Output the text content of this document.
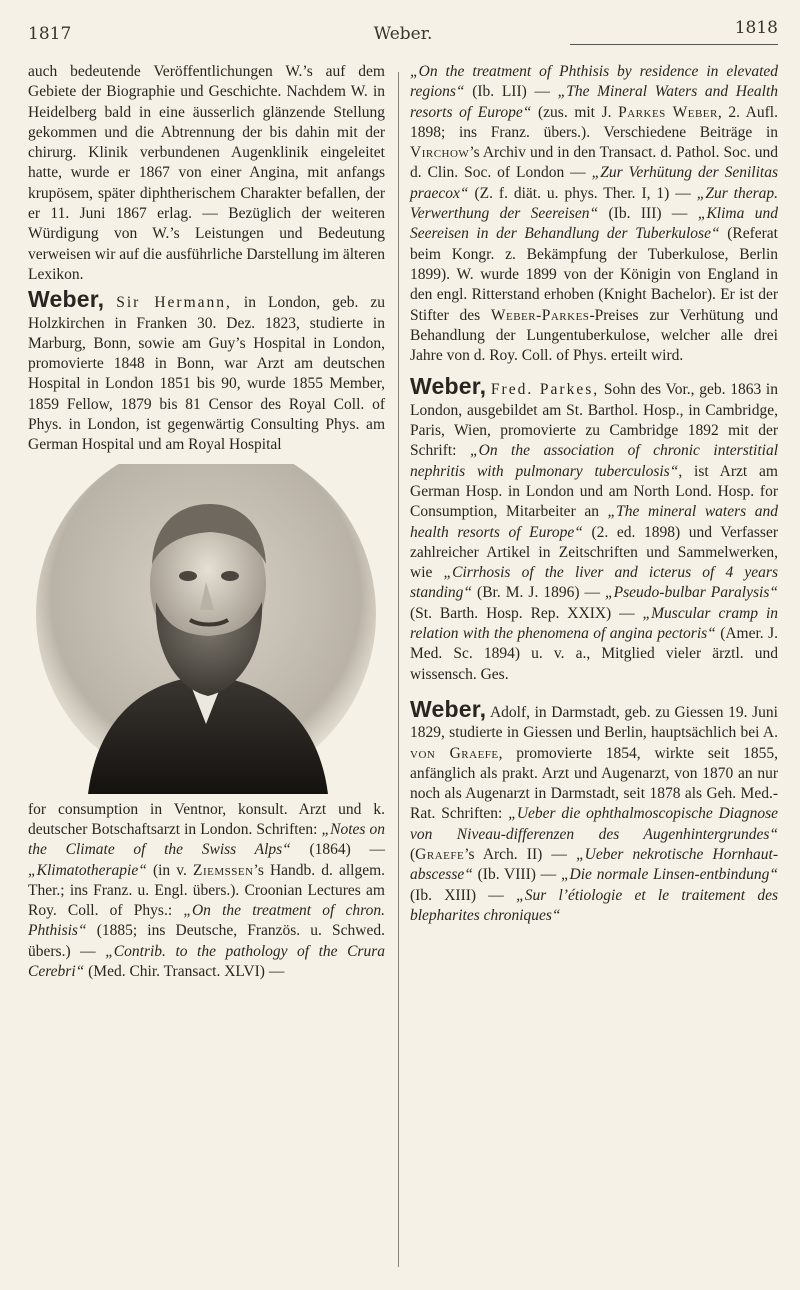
1817	Weber.	1818

auch bedeutende Veröffentlichungen W.’s auf dem Gebiete der Biographie und Geschichte. Nachdem W. in Heidelberg bald in eine äusserlich glänzende Stellung gekommen und die Abtrennung der bis dahin mit der chirurg. Klinik verbundenen Augenklinik eingeleitet hatte, wurde er 1867 von einer Angina, mit anfangs krupösem, später diphtherischem Charakter befallen, der er 11. Juni 1867 erlag. — Bezüglich der weiteren Würdigung von W.’s Leistungen und Bedeutung verweisen wir auf die ausführliche Darstellung im älteren Lexikon.

Weber, Sir Hermann, in London, geb. zu Holzkirchen in Franken 30. Dez. 1823, studierte in Marburg, Bonn, sowie am Guy’s Hospital in London, promovierte 1848 in Bonn, war Arzt am deutschen Hospital in London 1851 bis 90, wurde 1855 Member, 1859 Fellow, 1879 bis 81 Censor des Royal Coll. of Phys. in London, ist gegenwärtig Consulting Phys. am German Hospital und am Royal Hospital

for consumption in Ventnor, konsult. Arzt und k. deutscher Botschaftsarzt in London. Schriften: „Notes on the Climate of the Swiss Alps“ (1864) — „Klimatotherapie“ (in v. Ziemssen’s Handb. d. allgem. Ther.; ins Franz. u. Engl. übers.). Croonian Lectures am Roy. Coll. of Phys.: „On the treatment of chron. Phthisis“ (1885; ins Deutsche, Französ. u. Schwed. übers.) — „Contrib. to the pathology of the Crura Cerebri“ (Med. Chir. Transact. XLVI) —

„On the treatment of Phthisis by residence in elevated regions“ (Ib. LII) — „The Mineral Waters and Health resorts of Europe“ (zus. mit J. Parkes Weber, 2. Aufl. 1898; ins Franz. übers.). Verschiedene Beiträge in Virchow’s Archiv und in den Transact. d. Pathol. Soc. und d. Clin. Soc. of London — „Zur Verhütung der Senilitas praecox“ (Z. f. diät. u. phys. Ther. I, 1) — „Zur therap. Verwerthung der Seereisen“ (Ib. III) — „Klima und Seereisen in der Behandlung der Tuberkulose“ (Referat beim Kongr. z. Bekämpfung der Tuberkulose, Berlin 1899). W. wurde 1899 von der Königin von England in den engl. Ritterstand erhoben (Knight Bachelor). Er ist der Stifter des Weber-Parkes-Preises zur Verhütung und Behandlung der Lungentuberkulose, welcher alle drei Jahre von d. Roy. Coll. of Phys. erteilt wird.

Weber, Fred. Parkes, Sohn des Vor., geb. 1863 in London, ausgebildet am St. Barthol. Hosp., in Cambridge, Paris, Wien, promovierte zu Cambridge 1892 mit der Schrift: „On the association of chronic interstitial nephritis with pulmonary tuberculosis“, ist Arzt am German Hosp. in London und am North Lond. Hosp. for Consumption, Mitarbeiter an „The mineral waters and health resorts of Europe“ (2. ed. 1898) und Verfasser zahlreicher Artikel in Zeitschriften und Sammelwerken, wie „Cirrhosis of the liver and icterus of 4 years standing“ (Br. M. J. 1896) — „Pseudo-bulbar Paralysis“ (St. Barth. Hosp. Rep. XXIX) — „Muscular cramp in relation with the phenomena of angina pectoris“ (Amer. J. Med. Sc. 1894) u. v. a., Mitglied vieler ärztl. und wissensch. Ges.

Weber, Adolf, in Darmstadt, geb. zu Giessen 19. Juni 1829, studierte in Giessen und Berlin, hauptsächlich bei A. von Graefe, promovierte 1854, wirkte seit 1855, anfänglich als prakt. Arzt und Augenarzt, von 1870 an nur noch als Augenarzt in Darmstadt, seit 1878 als Geh. Med.-Rat. Schriften: „Ueber die ophthalmoscopische Diagnose von Niveau-differenzen des Augenhintergrundes“ (Graefe’s Arch. II) — „Ueber nekrotische Hornhaut-abscesse“ (Ib. VIII) — „Die normale Linsen-entbindung“ (Ib. XIII) — „Sur l’étiologie et le traitement des blepharites chroniques“
